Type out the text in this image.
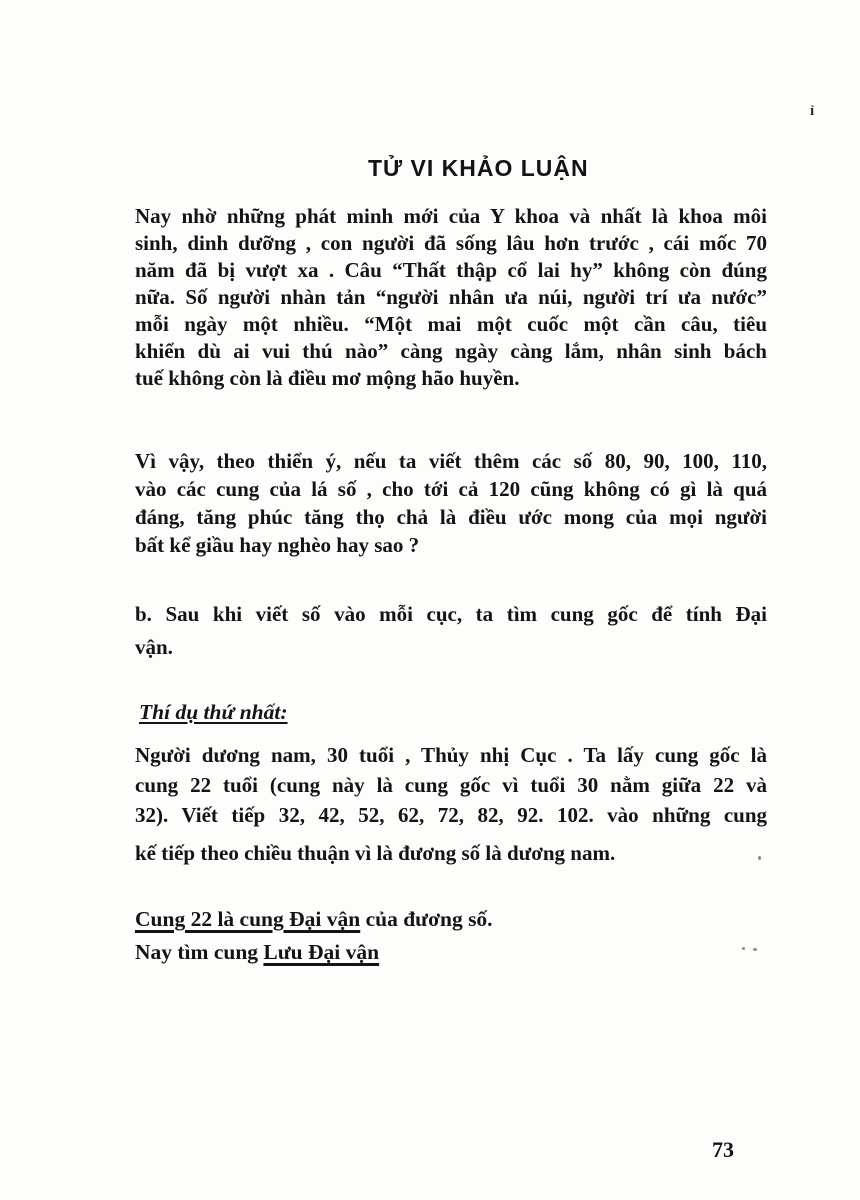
ỉ
TỬ VI KHẢO LUẬN
Nay nhờ những phát minh mới của Y khoa và nhất là khoa môi
sinh, dinh dưỡng , con người đã sống lâu hơn trước , cái mốc 70
năm đã bị vượt xa . Câu “Thất thập cổ lai hy” không còn đúng
nữa. Số người nhàn tản “người nhân ưa núi, người trí ưa nước”
mỗi ngày một nhiều. “Một mai một cuốc một cần câu, tiêu
khiển dù ai vui thú nào” càng ngày càng lắm, nhân sinh bách
tuế không còn là điều mơ mộng hão huyền.
Vì vậy, theo thiển ý, nếu ta viết thêm các số 80, 90, 100, 110,
vào các cung của lá số , cho tới cả 120 cũng không có gì là quá
đáng, tăng phúc tăng thọ chả là điều ước mong của mọi người
bất kể giầu hay nghèo hay sao ?
b. Sau khi viết số vào mỗi cục, ta tìm cung gốc để tính Đại
vận.
Thí dụ thứ nhất:
Người dương nam, 30 tuổi , Thủy nhị Cục . Ta lấy cung gốc là
cung 22 tuổi (cung này là cung gốc vì tuổi 30 nằm giữa 22 và
32). Viết tiếp 32, 42, 52, 62, 72, 82, 92. 102. vào những cung
kế tiếp theo chiều thuận vì là đương số là dương nam.
Cung 22 là cung Đại vận của đương số.
Nay tìm cung Lưu Đại vận
73
